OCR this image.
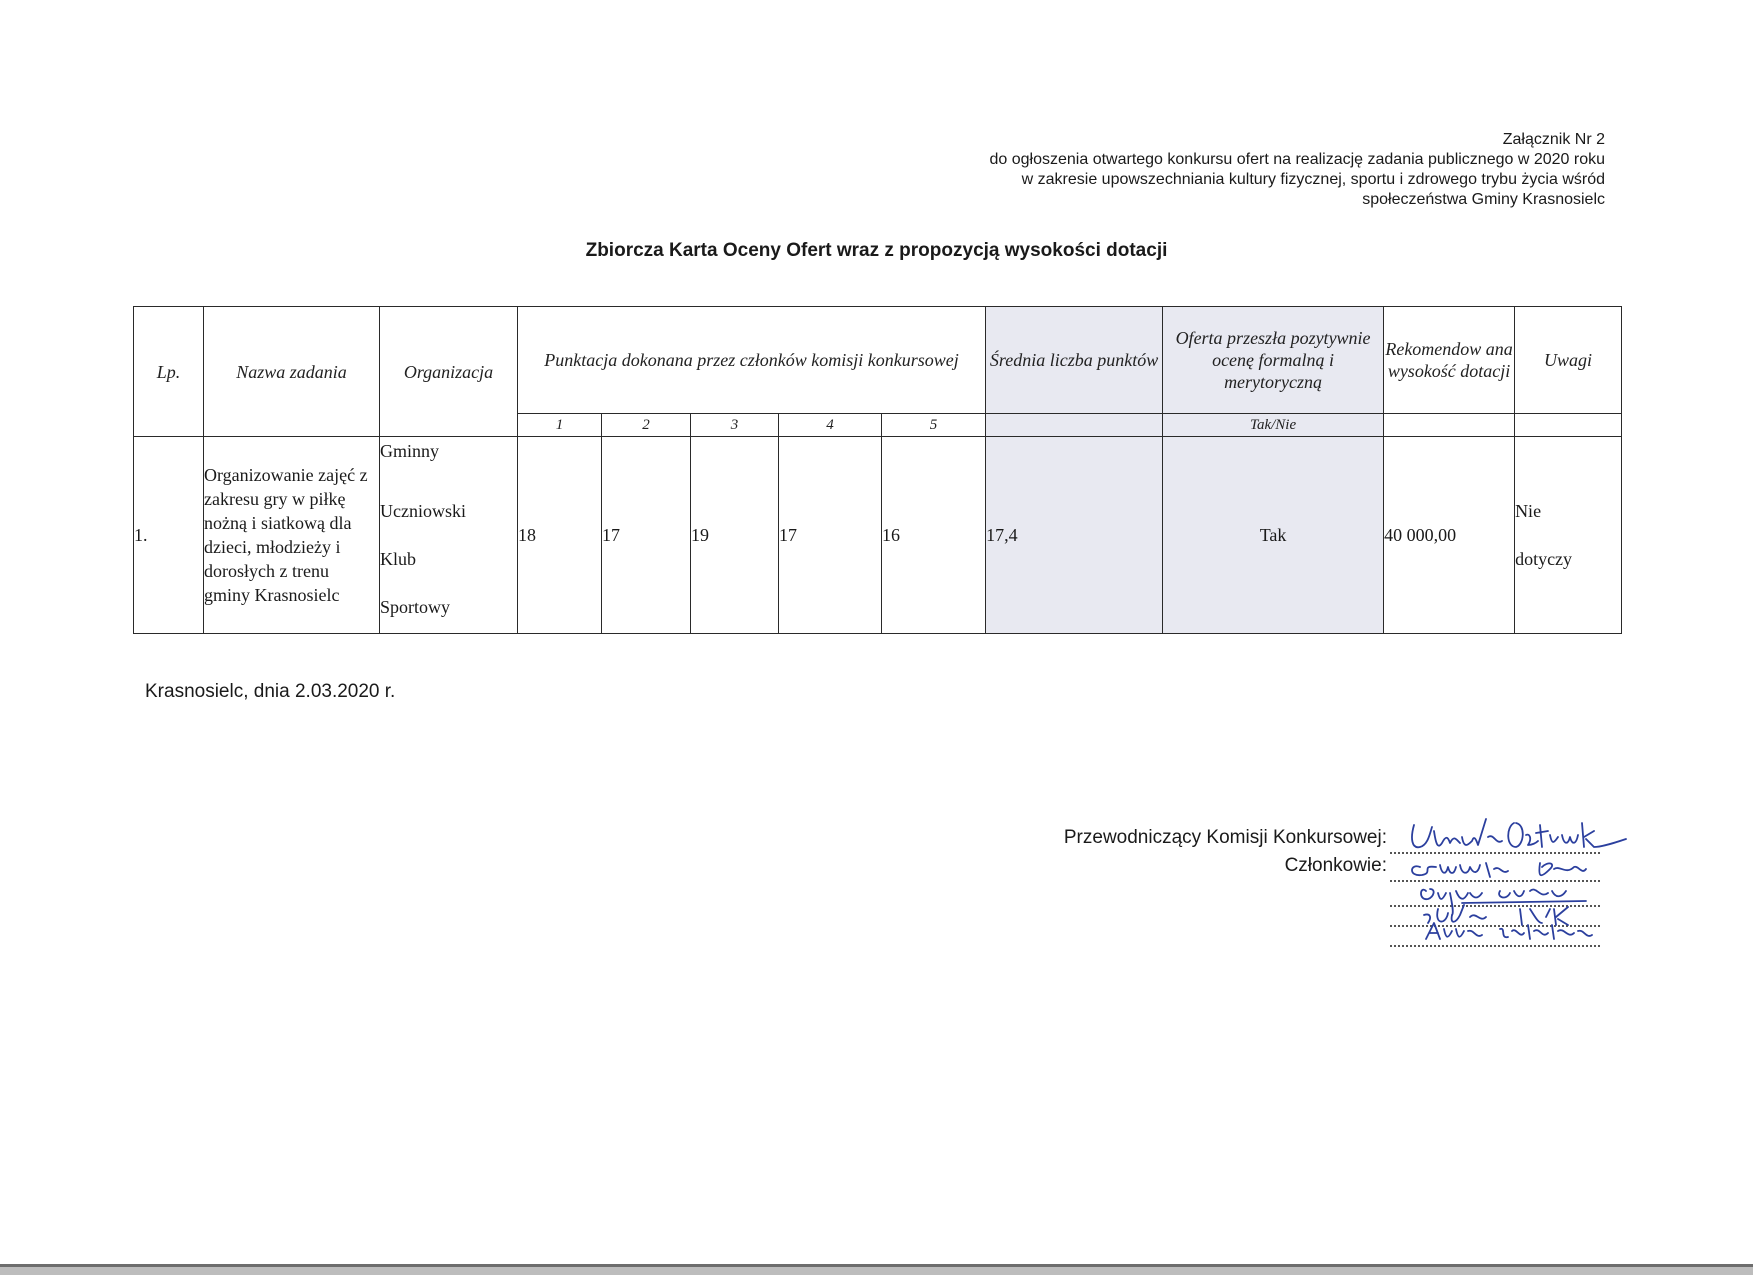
Załącznik Nr 2
do ogłoszenia otwartego konkursu ofert na realizację zadania publicznego w 2020 roku
w zakresie upowszechniania kultury fizycznej, sportu i zdrowego trybu życia wśród
społeczeństwa Gminy Krasnosielc
Zbiorcza Karta Oceny Ofert wraz z propozycją wysokości dotacji
Lp.	Nazwa zadania	Organizacja	Punktacja dokonana przez członków komisji konkursowej					Średnia liczba punktów	Oferta przeszła pozytywnie ocenę formalną i merytoryczną	Rekomendow ana wysokość dotacji	Uwagi
			1	2	3	4	5		Tak/Nie		
1.	Organizowanie zajęć z zakresu gry w piłkę nożną i siatkową dla dzieci, młodzieży i dorosłych z trenu gminy Krasnosielc	Gminny
Uczniowski
Klub
Sportowy	18	17	19	17	16	17,4	Tak	40 000,00	Nie
dotyczy
Krasnosielc, dnia 2.03.2020 r.
Przewodniczący Komisji Konkursowej:
Członkowie:
